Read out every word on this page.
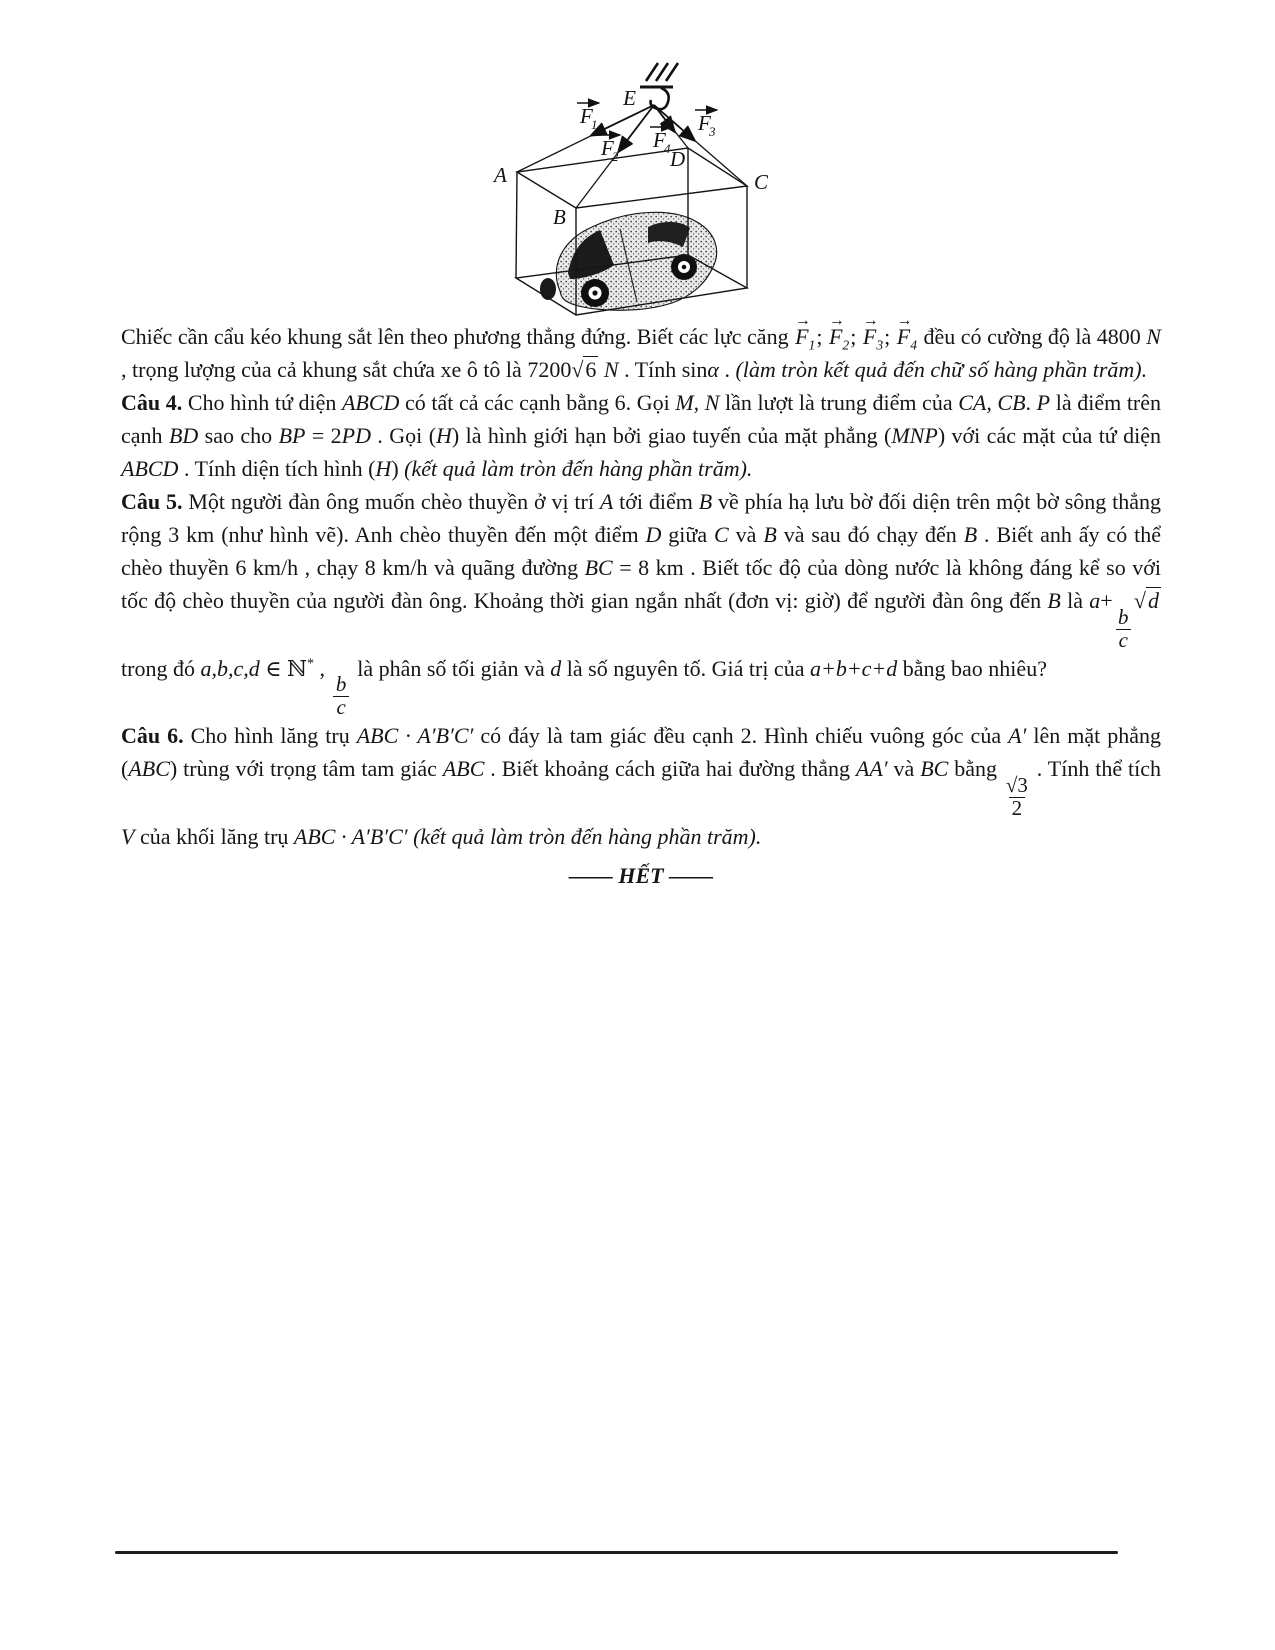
E
A
B
C
D
F
1
F
2
F
3
F
4
Chiếc cần cẩu kéo khung sắt lên theo phương thẳng đứng. Biết các lực căng → $F_1$; → $F_2$; → $F_3$; → $F_4$ đều có cường độ là 4800 N , trọng lượng của cả khung sắt chứa xe ô tô là 7200√6 N . Tính sinα . (làm tròn kết quả đến chữ số hàng phần trăm).
Câu 4. Cho hình tứ diện ABCD có tất cả các cạnh bằng 6. Gọi M, N lần lượt là trung điểm của CA, CB. P là điểm trên cạnh BD sao cho BP = 2PD . Gọi (H) là hình giới hạn bởi giao tuyến của mặt phẳng (MNP) với các mặt của tứ diện ABCD . Tính diện tích hình (H) (kết quả làm tròn đến hàng phần trăm).
Câu 5. Một người đàn ông muốn chèo thuyền ở vị trí A tới điểm B về phía hạ lưu bờ đối diện trên một bờ sông thẳng rộng 3 km (như hình vẽ). Anh chèo thuyền đến một điểm D giữa C và B và sau đó chạy đến B . Biết anh ấy có thể chèo thuyền 6 km/h , chạy 8 km/h và quãng đường BC = 8 km . Biết tốc độ của dòng nước là không đáng kể so với tốc độ chèo thuyền của người đàn ông. Khoảng thời gian ngắn nhất (đơn vị: giờ) để người đàn ông đến B là a+
$\frac{b}{c}$
√d trong đó a,b,c,d ∈ ℕ* ,
$\frac{b}{c}$
là phân số tối giản và d là số nguyên tố. Giá trị của a+b+c+d bằng bao nhiêu?
Câu 6. Cho hình lăng trụ ABC · A′B′C′ có đáy là tam giác đều cạnh 2. Hình chiếu vuông góc của A′ lên mặt phẳng (ABC) trùng với trọng tâm tam giác ABC . Biết khoảng cách giữa hai đường thẳng AA′ và BC bằng
$\frac{√3}{2}$
. Tính thể tích V của khối lăng trụ ABC · A′B′C′ (kết quả làm tròn đến hàng phần trăm).
—— HẾT ——
